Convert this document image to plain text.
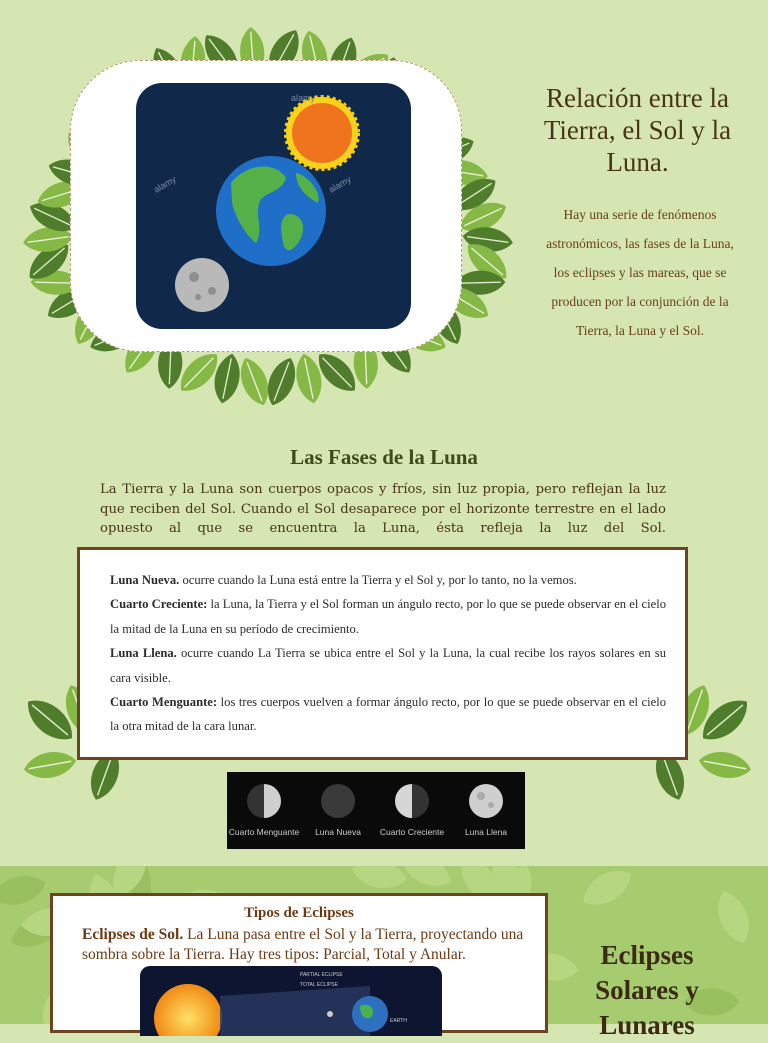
alamy
alamy	alamy
Relación entre la Tierra, el Sol y la Luna.
Hay una serie de fenómenos astronómicos, las fases de la Luna, los eclipses y las mareas, que se producen por la conjunción de la Tierra, la Luna y el Sol.
Las Fases de la Luna
La Tierra y la Luna son cuerpos opacos y fríos, sin luz propia, pero reflejan la luz que reciben del Sol. Cuando el Sol desaparece por el horizonte terrestre en el lado opuesto al que se encuentra la Luna, ésta refleja la luz del Sol.

Luna Nueva. ocurre cuando la Luna está entre la Tierra y el Sol y, por lo tanto, no la vemos.

Cuarto Creciente: la Luna, la Tierra y el Sol forman un ángulo recto, por lo que se puede observar en el cielo la mitad de la Luna en su período de crecimiento.

Luna Llena. ocurre cuando La Tierra se ubica entre el Sol y la Luna, la cual recibe los rayos solares en su cara visible.

Cuarto Menguante: los tres cuerpos vuelven a formar ángulo recto, por lo que se puede observar en el cielo la otra mitad de la cara lunar.

Cuarto Menguante	Luna Nueva	Cuarto Creciente	Luna Llena
Tipos de Eclipses
Eclipses de Sol. La Luna pasa entre el Sol y la Tierra, proyectando una sombra sobre la Tierra. Hay tres tipos: Parcial, Total y Anular.
PARTIAL ECLIPSE
TOTAL ECLIPSE
EARTH
Eclipses Solares y Lunares
